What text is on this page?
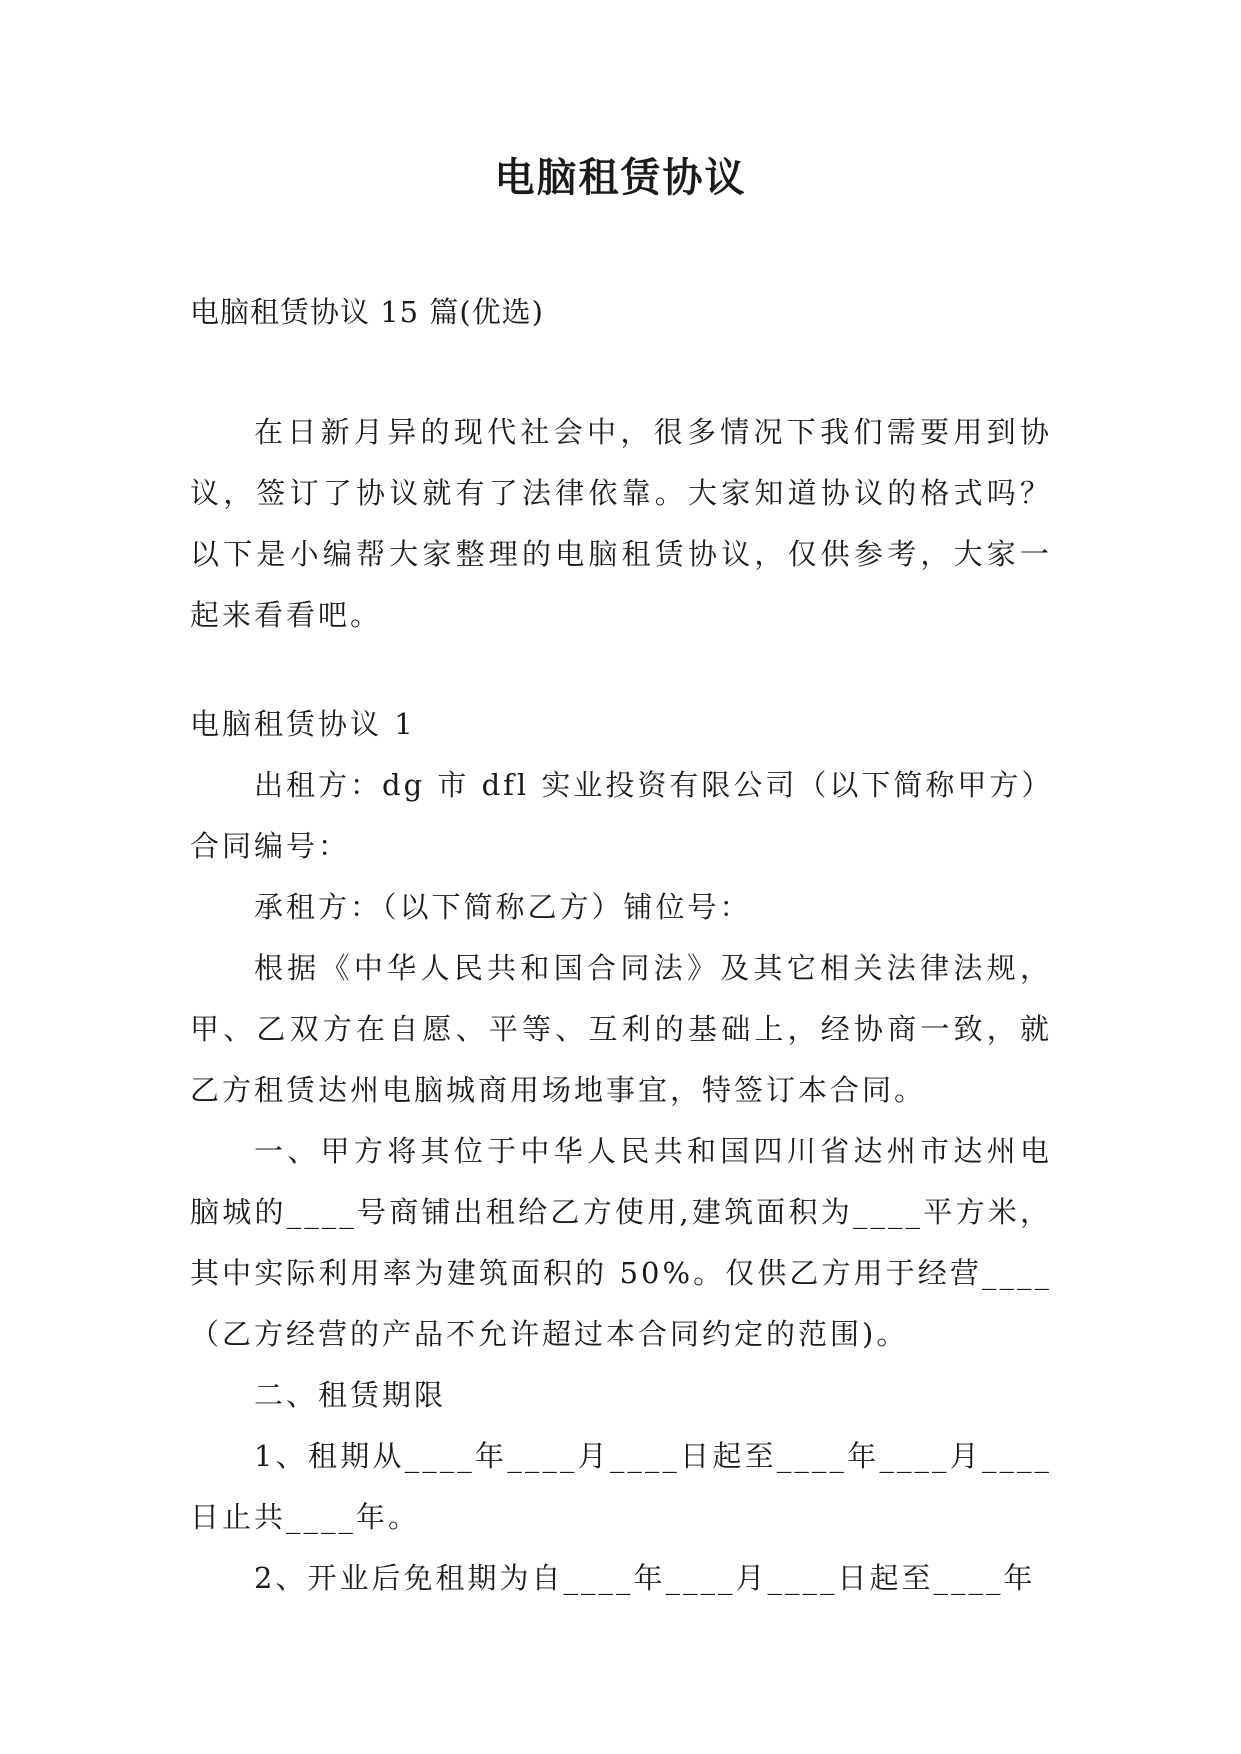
电脑租赁协议
电脑租赁协议 15 篇(优选)

在日新月异的现代社会中，很多情况下我们需要用到协议，签订了协议就有了法律依靠。大家知道协议的格式吗？以下是小编帮大家整理的电脑租赁协议，仅供参考，大家一起来看看吧。

电脑租赁协议 1

出租方：dg 市 dfl 实业投资有限公司（以下简称甲方）

合同编号：

承租方：（以下简称乙方）铺位号：

根据《中华人民共和国合同法》及其它相关法律法规，甲、乙双方在自愿、平等、互利的基础上，经协商一致，就乙方租赁达州电脑城商用场地事宜，特签订本合同。

一、甲方将其位于中华人民共和国四川省达州市达州电脑城的____号商铺出租给乙方使用,建筑面积为____平方米，其中实际利用率为建筑面积的 50%。仅供乙方用于经营____（乙方经营的产品不允许超过本合同约定的范围)。

二、租赁期限

1、租期从____年____月____日起至____年____月____日止共____年。

2、开业后免租期为自____年____月____日起至____年
